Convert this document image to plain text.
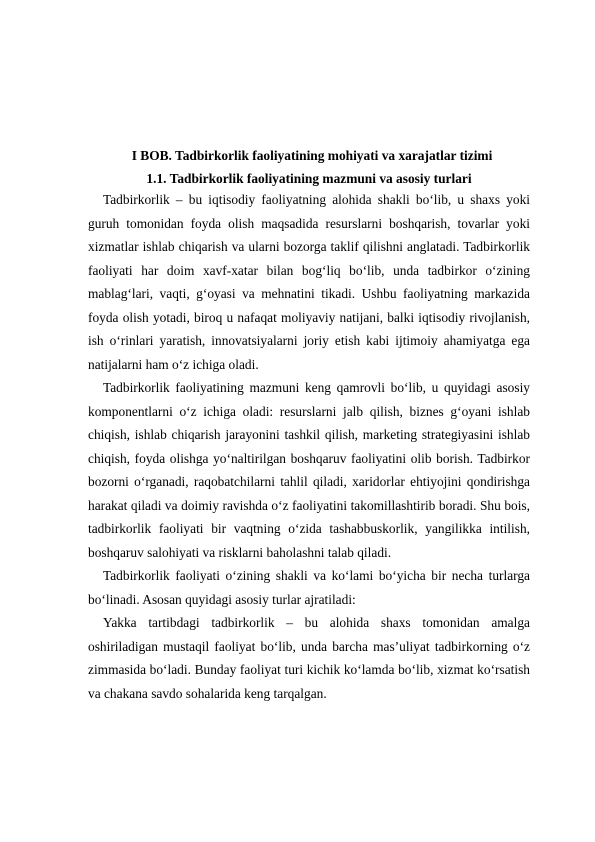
I BOB. Tadbirkorlik faoliyatining mohiyati va xarajatlar tizimi

1.1. Tadbirkorlik faoliyatining mazmuni va asosiy turlari

Tadbirkorlik – bu iqtisodiy faoliyatning alohida shakli bo‘lib, u shaxs yoki guruh tomonidan foyda olish maqsadida resurslarni boshqarish, tovarlar yoki xizmatlar ishlab chiqarish va ularni bozorga taklif qilishni anglatadi. Tadbirkorlik faoliyati har doim xavf-xatar bilan bog‘liq bo‘lib, unda tadbirkor o‘zining mablag‘lari, vaqti, g‘oyasi va mehnatini tikadi. Ushbu faoliyatning markazida foyda olish yotadi, biroq u nafaqat moliyaviy natijani, balki iqtisodiy rivojlanish, ish o‘rinlari yaratish, innovatsiyalarni joriy etish kabi ijtimoiy ahamiyatga ega natijalarni ham o‘z ichiga oladi.

Tadbirkorlik faoliyatining mazmuni keng qamrovli bo‘lib, u quyidagi asosiy komponentlarni o‘z ichiga oladi: resurslarni jalb qilish, biznes g‘oyani ishlab chiqish, ishlab chiqarish jarayonini tashkil qilish, marketing strategiyasini ishlab chiqish, foyda olishga yo‘naltirilgan boshqaruv faoliyatini olib borish. Tadbirkor bozorni o‘rganadi, raqobatchilarni tahlil qiladi, xaridorlar ehtiyojini qondirishga harakat qiladi va doimiy ravishda o‘z faoliyatini takomillashtirib boradi. Shu bois, tadbirkorlik faoliyati bir vaqtning o‘zida tashabbuskorlik, yangilikka intilish, boshqaruv salohiyati va risklarni baholashni talab qiladi.

Tadbirkorlik faoliyati o‘zining shakli va ko‘lami bo‘yicha bir necha turlarga bo‘linadi. Asosan quyidagi asosiy turlar ajratiladi:

Yakka tartibdagi tadbirkorlik – bu alohida shaxs tomonidan amalga oshiriladigan mustaqil faoliyat bo‘lib, unda barcha mas’uliyat tadbirkorning o‘z zimmasida bo‘ladi. Bunday faoliyat turi kichik ko‘lamda bo‘lib, xizmat ko‘rsatish va chakana savdo sohalarida keng tarqalgan.
